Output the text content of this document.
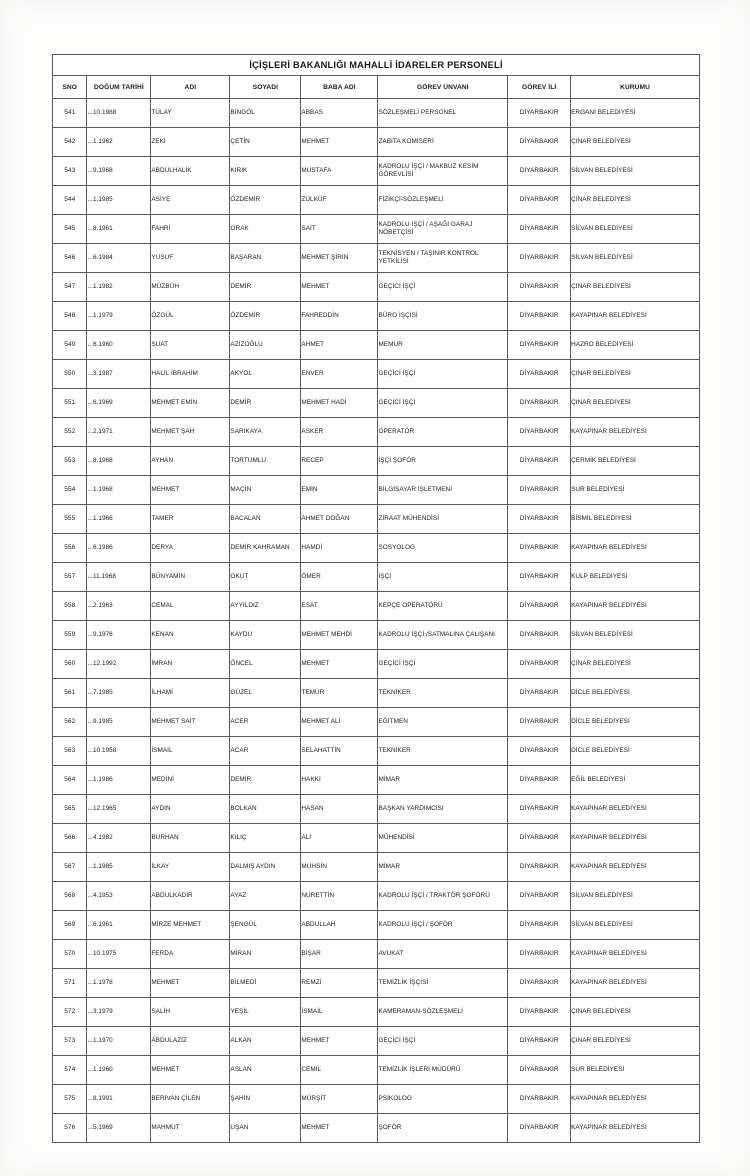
İÇİŞLERİ BAKANLIĞI MAHALLİ İDARELER PERSONELİ							
SNO	DOĞUM TARİHİ	ADI	SOYADI	BABA ADI	GÖREV ÜNVANI	GÖREV İLİ	KURUMU
541	...10.1988	TÜLAY	BİNGÖL	ABBAS	SÖZLEŞMELİ PERSONEL	DİYARBAKIR	ERGANİ BELEDİYESİ
542	...1.1962	ZEKİ	ÇETİN	MEHMET	ZABITA KOMİSERİ	DİYARBAKIR	ÇINAR BELEDİYESİ
543	...9.1968	ABDULHALİK	KIRIK	MUSTAFA	KADROLU İŞÇİ / MAKBUZ KESİM GÖREVLİSİ	DİYARBAKIR	SİLVAN BELEDİYESİ
544	...1.1985	ASİYE	ÖZDEMİR	ZÜLKÜF	FİZİKÇİ-SÖZLEŞMELİ	DİYARBAKIR	ÇINAR BELEDİYESİ
545	...8.1961	FAHRİ	ORAK	SAİT	KADROLU İŞÇİ / AŞAĞI GARAJ NÖBETÇİSİ	DİYARBAKIR	SİLVAN BELEDİYESİ
546	...6.1984	YUSUF	BAŞARAN	MEHMET ŞİRİN	TEKNİSYEN / TAŞINIR KONTROL YETKİLİSİ	DİYARBAKIR	SİLVAN BELEDİYESİ
547	...1.1982	MÜZBÜH	DEMİR	MEHMET	GEÇİCİ İŞÇİ	DİYARBAKIR	ÇINAR BELEDİYESİ
548	...1.1979	ÖZGÜL	ÖZDEMİR	FAHREDDİN	BÜRO İŞÇİSİ	DİYARBAKIR	KAYAPINAR BELEDİYESİ
549	...6.1960	SUAT	AZİZOĞLU	AHMET	MEMUR	DİYARBAKIR	HAZRO BELEDİYESİ
550	...3.1987	HALİL İBRAHİM	AKYOL	ENVER	GEÇİCİ İŞÇİ	DİYARBAKIR	ÇINAR BELEDİYESİ
551	...6.1969	MEHMET EMİN	DEMİR	MEHMET HADİ	GEÇİCİ İŞÇİ	DİYARBAKIR	ÇINAR BELEDİYESİ
552	...2.1971	MEHMET ŞAH	SARIKAYA	ASKER	OPERATÖR	DİYARBAKIR	KAYAPINAR BELEDİYESİ
553	...8.1968	AYHAN	TORTUMLU	RECEP	İŞÇİ ŞOFÖR	DİYARBAKIR	ÇERMİK BELEDİYESİ
554	...1.1968	MEHMET	MAÇİN	EMİN	BİLGİSAYAR İŞLETMENİ	DİYARBAKIR	SUR BELEDİYESİ
555	...1.1966	TAMER	BACALAN	AHMET DOĞAN	ZİRAAT MÜHENDİSİ	DİYARBAKIR	BİSMİL BELEDİYESİ
556	...6.1986	DERYA	DEMİR KAHRAMAN	HAMDİ	SOSYOLOG	DİYARBAKIR	KAYAPINAR BELEDİYESİ
557	...11.1968	BÜNYAMİN	OKUT	ÖMER	İŞÇİ	DİYARBAKIR	KULP BELEDİYESİ
558	...2.1963	CEMAL	AYYILDIZ	ESAT	KEPÇE OPERATÖRÜ	DİYARBAKIR	KAYAPINAR BELEDİYESİ
559	...9.1976	KENAN	KAYDU	MEHMET MEHDİ	KADROLU İŞÇİ /SATMALINA ÇALIŞANI	DİYARBAKIR	SİLVAN BELEDİYESİ
560	...12.1992	İMRAN	ÖNCEL	MEHMET	GEÇİCİ İŞÇİ	DİYARBAKIR	ÇINAR BELEDİYESİ
561	...7.1985	İLHAMİ	GÜZEL	TEMUR	TEKNİKER	DİYARBAKIR	DİCLE BELEDİYESİ
562	...9.1985	MEHMET SAİT	ACER	MEHMET ALİ	EĞİTMEN	DİYARBAKIR	DİCLE BELEDİYESİ
563	...10.1958	İSMAİL	ACAR	SELAHATTİN	TEKNİKER	DİYARBAKIR	DİCLE BELEDİYESİ
564	...1.1986	MEDİNİ	DEMİR	HAKKI	MİMAR	DİYARBAKIR	EĞİL BELEDİYESİ
565	...12.1965	AYDIN	BOLKAN	HASAN	BAŞKAN YARDIMCISI	DİYARBAKIR	KAYAPINAR BELEDİYESİ
566	...4.1982	BURHAN	KILIÇ	ALİ	MÜHENDİSİ	DİYARBAKIR	KAYAPINAR BELEDİYESİ
567	...1.1985	İLKAY	DALMIŞ AYDIN	MUHSİN	MİMAR	DİYARBAKIR	KAYAPINAR BELEDİYESİ
568	...4.1953	ABDULKADİR	AYAZ	NURETTİN	KADROLU İŞÇİ / TRAKTÖR ŞOFÖRÜ	DİYARBAKIR	SİLVAN BELEDİYESİ
569	...6.1961	MİRZE MEHMET	ŞENGÜL	ABDULLAH	KADROLU İŞÇİ / ŞOFÖR	DİYARBAKIR	SİLVAN BELEDİYESİ
570	...10.1975	FERDA	MİRAN	BİŞAR	AVUKAT	DİYARBAKIR	KAYAPINAR BELEDİYESİ
571	...1.1978	MEHMET	BİLMEDİ	REMZİ	TEMİZLİK İŞÇİSİ	DİYARBAKIR	KAYAPINAR BELEDİYESİ
572	...3.1979	SALİH	YEŞİL	İSMAİL	KAMERAMAN-SÖZLEŞMELİ	DİYARBAKIR	ÇINAR BELEDİYESİ
573	...1.1970	ABDULAZİZ	ALKAN	MEHMET	GEÇİCİ İŞÇİ	DİYARBAKIR	ÇINAR BELEDİYESİ
574	...1.1960	MEHMET	ASLAN	CEMİL	TEMİZLİK İŞLERİ MÜDÜRÜ	DİYARBAKIR	SUR BELEDİYESİ
575	...8.1991	BERİVAN ÇİLEN	ŞAHİN	MÜRŞİT	PSİKOLOG	DİYARBAKIR	KAYAPINAR BELEDİYESİ
576	...5.1969	MAHMUT	UŞAN	MEHMET	ŞOFÖR	DİYARBAKIR	KAYAPINAR BELEDİYESİ
